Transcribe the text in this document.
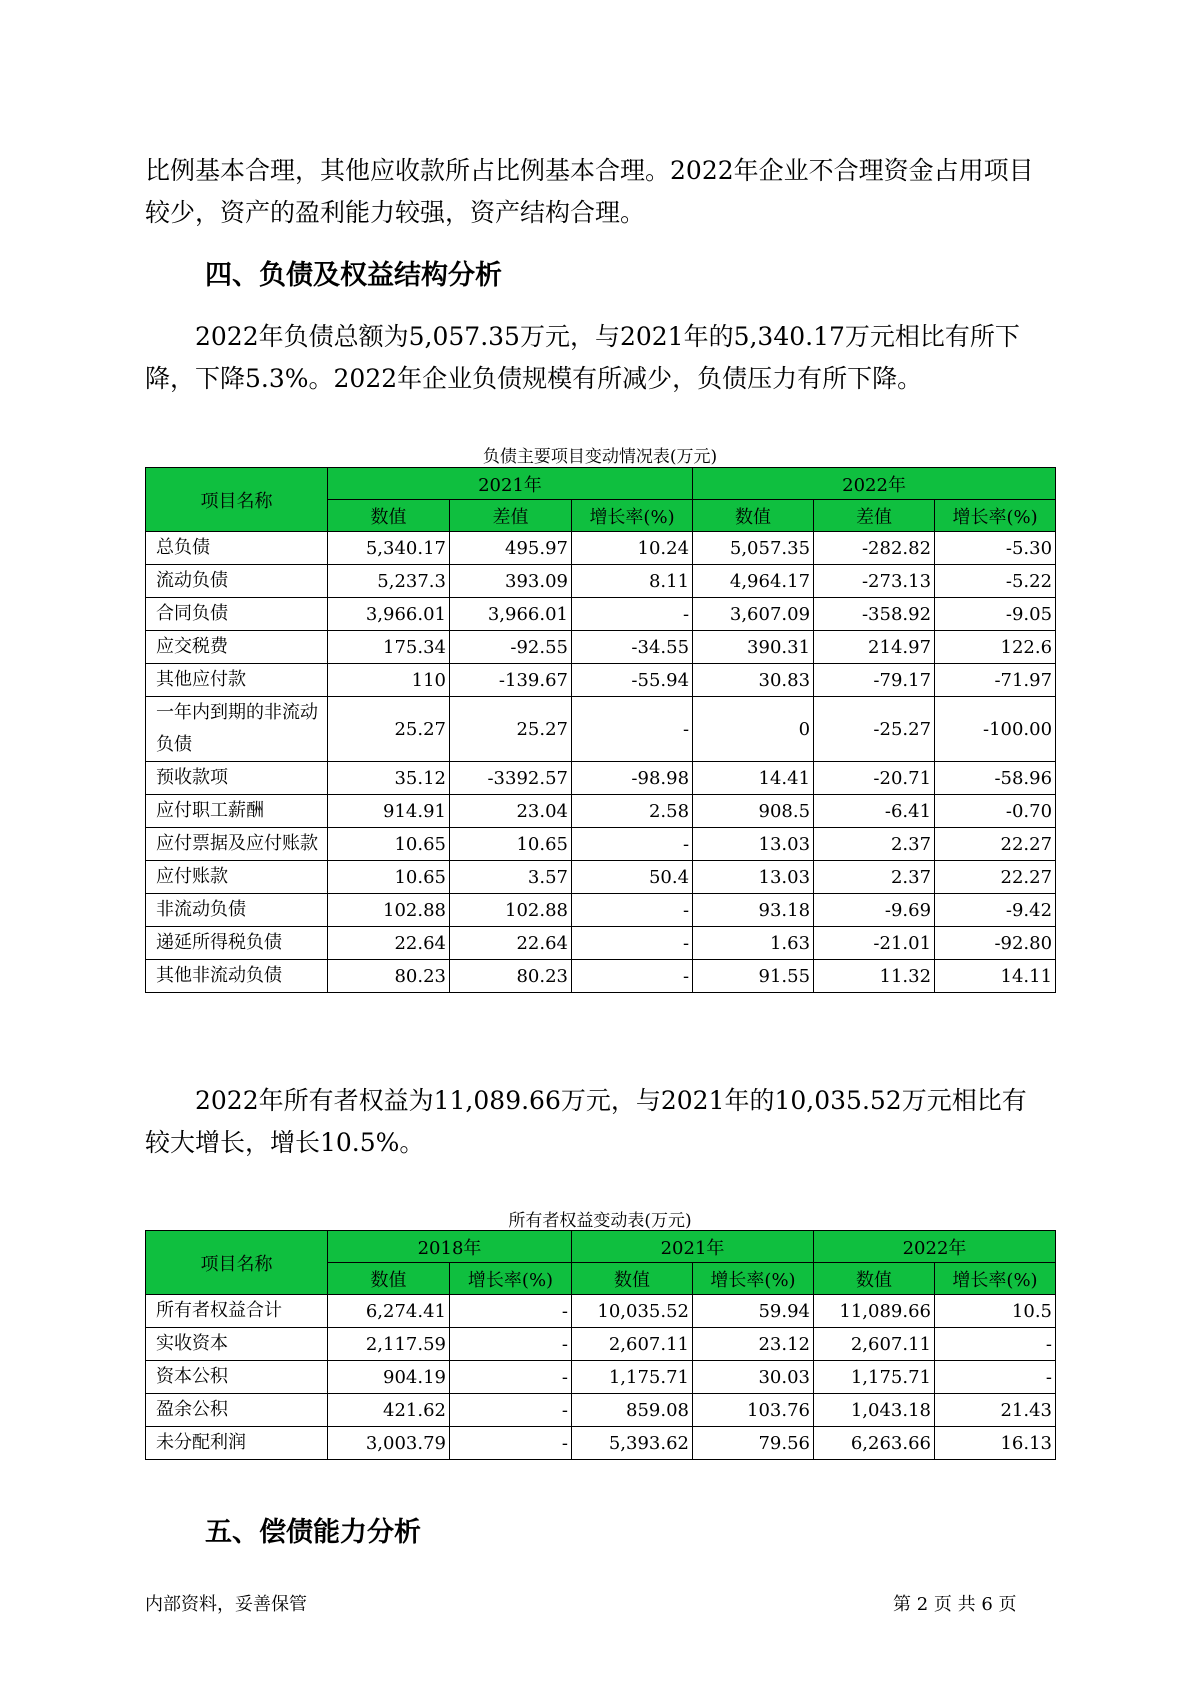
比例基本合理，其他应收款所占比例基本合理。2022年企业不合理资金占用项目较少，资产的盈利能力较强，资产结构合理。

四、负债及权益结构分析

2022年负债总额为5,057.35万元，与2021年的5,340.17万元相比有所下降，下降5.3%。2022年企业负债规模有所减少，负债压力有所下降。

负债主要项目变动情况表(万元)
项目名称	2021年			2022年		
	数值	差值	增长率(%)	数值	差值	增长率(%)
总负债	5,340.17	495.97	10.24	5,057.35	-282.82	-5.30
流动负债	5,237.3	393.09	8.11	4,964.17	-273.13	-5.22
合同负债	3,966.01	3,966.01	-	3,607.09	-358.92	-9.05
应交税费	175.34	-92.55	-34.55	390.31	214.97	122.6
其他应付款	110	-139.67	-55.94	30.83	-79.17	-71.97
一年内到期的非流动负债	25.27	25.27	-	0	-25.27	-100.00
预收款项	35.12	-3392.57	-98.98	14.41	-20.71	-58.96
应付职工薪酬	914.91	23.04	2.58	908.5	-6.41	-0.70
应付票据及应付账款	10.65	10.65	-	13.03	2.37	22.27
应付账款	10.65	3.57	50.4	13.03	2.37	22.27
非流动负债	102.88	102.88	-	93.18	-9.69	-9.42
递延所得税负债	22.64	22.64	-	1.63	-21.01	-92.80
其他非流动负债	80.23	80.23	-	91.55	11.32	14.11

2022年所有者权益为11,089.66万元，与2021年的10,035.52万元相比有较大增长，增长10.5%。

所有者权益变动表(万元)
项目名称	2018年		2021年		2022年	
	数值	增长率(%)	数值	增长率(%)	数值	增长率(%)
所有者权益合计	6,274.41	-	10,035.52	59.94	11,089.66	10.5
实收资本	2,117.59	-	2,607.11	23.12	2,607.11	-
资本公积	904.19	-	1,175.71	30.03	1,175.71	-
盈余公积	421.62	-	859.08	103.76	1,043.18	21.43
未分配利润	3,003.79	-	5,393.62	79.56	6,263.66	16.13
五、偿债能力分析
内部资料，妥善保管	第 2 页 共 6 页
